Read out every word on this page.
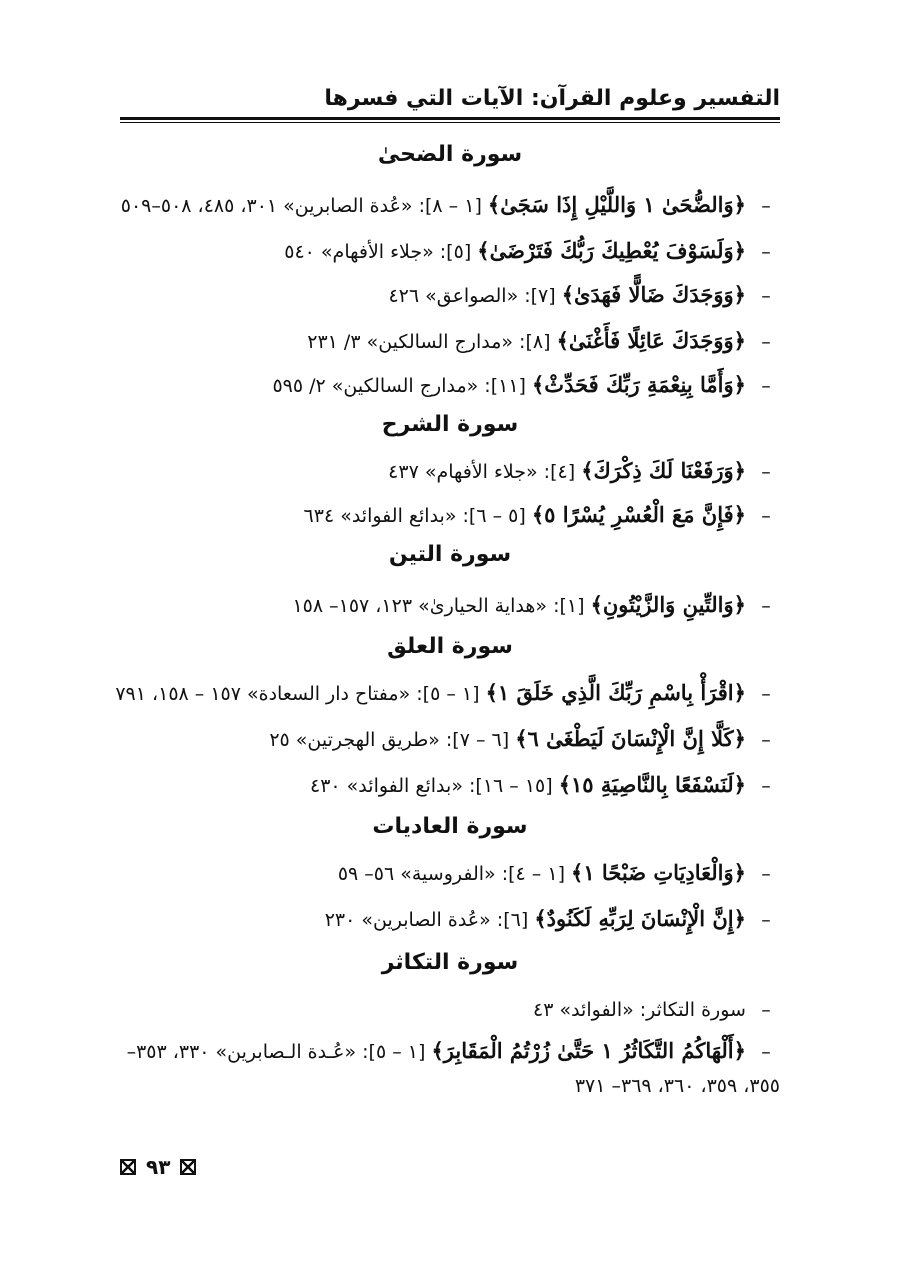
التفسير وعلوم القرآن: الآيات التي فسرها
سورة الضحىٰ
– ﴿وَالضُّحَىٰ ١ وَاللَّيْلِ إِذَا سَجَىٰ﴾ [١ – ٨]: «عُدة الصابرين» ٣٠١، ٤٨٥، ٥٠٨–٥٠٩
– ﴿وَلَسَوْفَ يُعْطِيكَ رَبُّكَ فَتَرْضَىٰ﴾ [٥]: «جلاء الأفهام» ٥٤٠
– ﴿وَوَجَدَكَ ضَالًّا فَهَدَىٰ﴾ [٧]: «الصواعق» ٤٢٦
– ﴿وَوَجَدَكَ عَائِلًا فَأَغْنَىٰ﴾ [٨]: «مدارج السالكين» ٣/ ٢٣١
– ﴿وَأَمَّا بِنِعْمَةِ رَبِّكَ فَحَدِّثْ﴾ [١١]: «مدارج السالكين» ٢/ ٥٩٥
سورة الشرح
– ﴿وَرَفَعْنَا لَكَ ذِكْرَكَ﴾ [٤]: «جلاء الأفهام» ٤٣٧
– ﴿فَإِنَّ مَعَ الْعُسْرِ يُسْرًا ٥﴾ [٥ – ٦]: «بدائع الفوائد» ٦٣٤
سورة التين
– ﴿وَالتِّينِ وَالزَّيْتُونِ﴾ [١]: «هداية الحيارىٰ» ١٢٣، ١٥٧– ١٥٨
سورة العلق
– ﴿اقْرَأْ بِاسْمِ رَبِّكَ الَّذِي خَلَقَ ١﴾ [١ – ٥]: «مفتاح دار السعادة» ١٥٧ – ١٥٨، ٧٩١
– ﴿كَلَّا إِنَّ الْإِنْسَانَ لَيَطْغَىٰ ٦﴾ [٦ – ٧]: «طريق الهجرتين» ٢٥
– ﴿لَنَسْفَعًا بِالنَّاصِيَةِ ١٥﴾ [١٥ – ١٦]: «بدائع الفوائد» ٤٣٠
سورة العاديات
– ﴿وَالْعَادِيَاتِ ضَبْحًا ١﴾ [١ – ٤]: «الفروسية» ٥٦– ٥٩
– ﴿إِنَّ الْإِنْسَانَ لِرَبِّهِ لَكَنُودٌ﴾ [٦]: «عُدة الصابرين» ٢٣٠
سورة التكاثر
– سورة التكاثر: «الفوائد» ٤٣
– ﴿أَلْهَاكُمُ التَّكَاثُرُ ١ حَتَّىٰ زُرْتُمُ الْمَقَابِرَ﴾ [١ – ٥]: «عُـدة الـصابرين» ٣٣٠، ٣٥٣– ٣٥٥، ٣٥٩، ٣٦٠، ٣٦٩– ٣٧١
٩٣
